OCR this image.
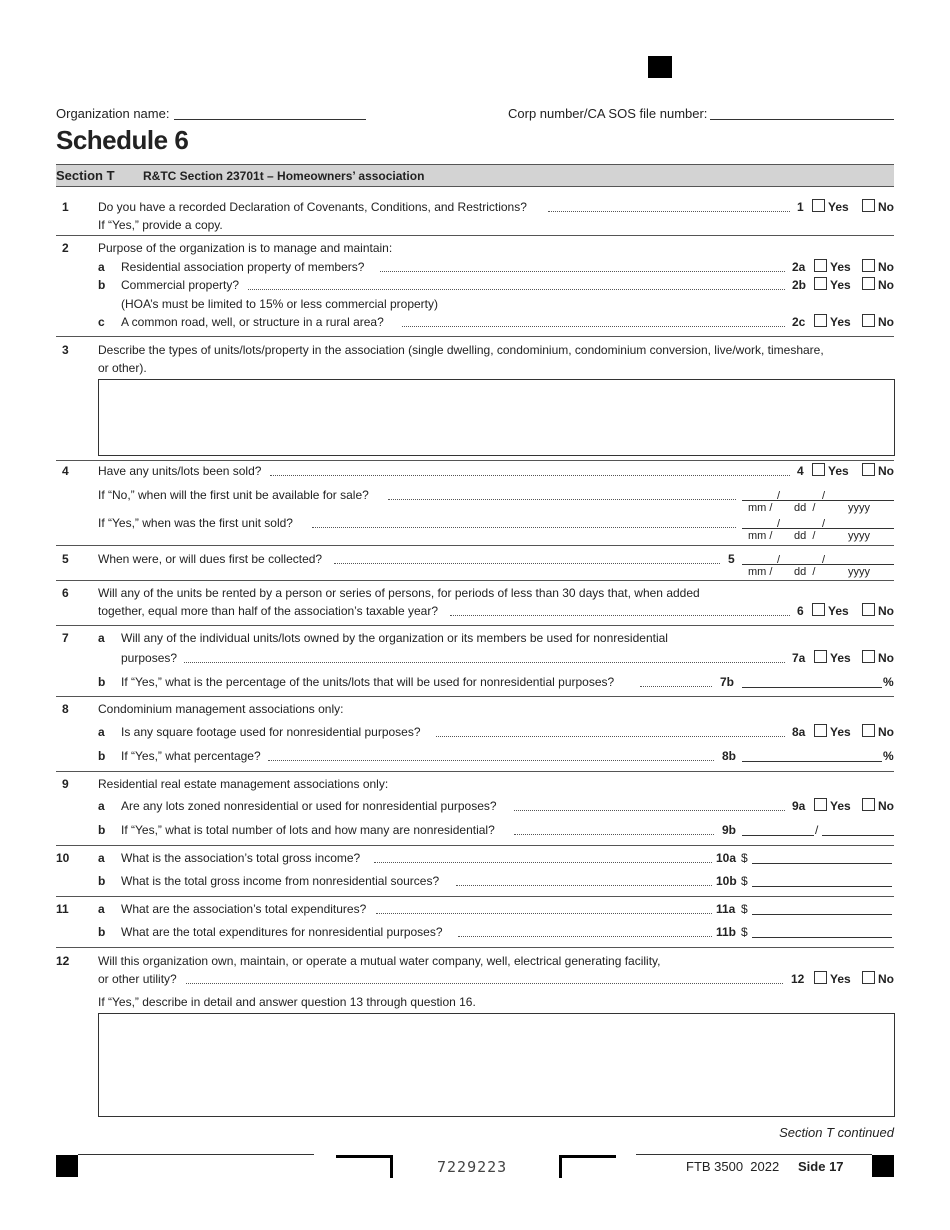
Organization name:	Corp number/CA SOS file number:
Schedule 6
Section T R&TC Section 23701t – Homeowners’ association
1 Do you have a recorded Declaration of Covenants, Conditions, and Restrictions?	1	Yes	No
If “Yes,” provide a copy.
2 Purpose of the organization is to manage and maintain:
a Residential association property of members?	2a	Yes	No
b Commercial property?	2b	Yes	No
(HOA’s must be limited to 15% or less commercial property)
c A common road, well, or structure in a rural area?	2c	Yes	No
3 Describe the types of units/lots/property in the association (single dwelling, condominium, condominium conversion, live/work, timeshare,
or other).
4 Have any units/lots been sold?	4	Yes	No
If “No,” when will the first unit be available for sale?	/	/
mm / dd  /	yyyy
If “Yes,” when was the first unit sold?	/	/
mm / dd  /	yyyy
5 When were, or will dues first be collected?	5	/	/
mm / dd  /	yyyy
6 Will any of the units be rented by a person or series of persons, for periods of less than 30 days that, when added
together, equal more than half of the association’s taxable year?	6	Yes	No
7 a Will any of the individual units/lots owned by the organization or its members be used for nonresidential
purposes?	7a	Yes	No
b If “Yes,” what is the percentage of the units/lots that will be used for nonresidential purposes?	7b	%
8 Condominium management associations only:
a Is any square footage used for nonresidential purposes?	8a	Yes	No
b If “Yes,” what percentage?	8b	%
9 Residential real estate management associations only:
a Are any lots zoned nonresidential or used for nonresidential purposes?	9a	Yes	No
b If “Yes,” what is total number of lots and how many are nonresidential?	9b	/
10 a What is the association’s total gross income?	10a $
b What is the total gross income from nonresidential sources?	10b $
11 a What are the association’s total expenditures?	11a $
b What are the total expenditures for nonresidential purposes?	11b $
12 Will this organization own, maintain, or operate a mutual water company, well, electrical generating facility,
or other utility?	12	Yes	No
If “Yes,” describe in detail and answer question 13 through question 16.
Section T continued
7229223	FTB 3500  2022 Side 17
